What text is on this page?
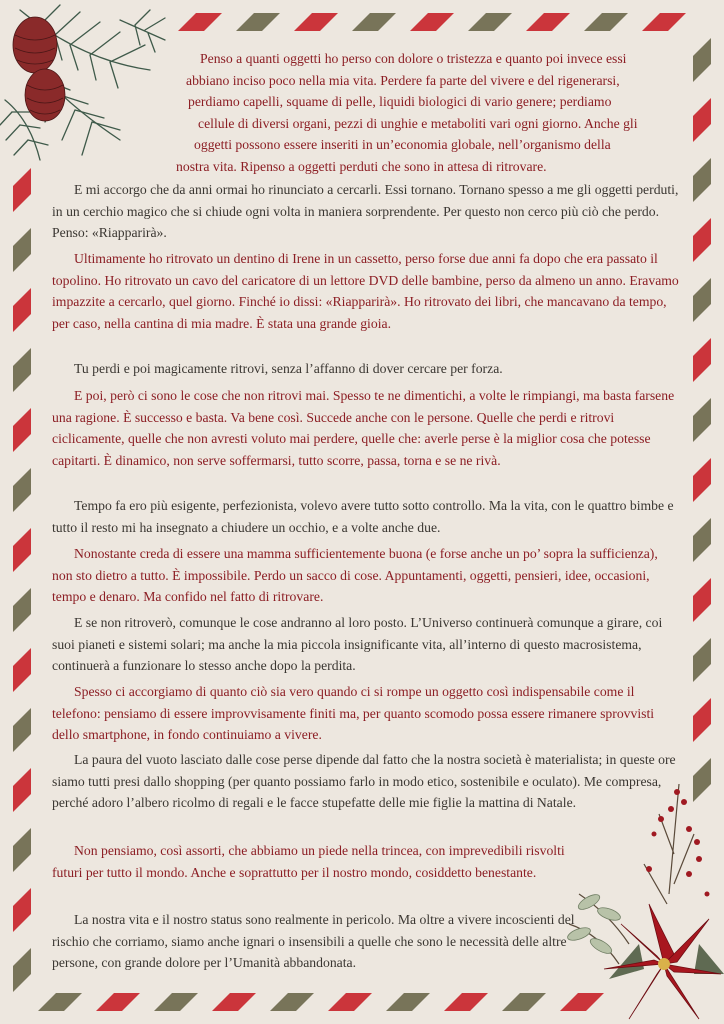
Penso a quanti oggetti ho perso con dolore o tristezza e quanto poi invece essi
abbiano inciso poco nella mia vita. Perdere fa parte del vivere e del rigenerarsi,
perdiamo capelli, squame di pelle, liquidi biologici di vario genere; perdiamo
cellule di diversi organi, pezzi di unghie e metaboliti vari ogni giorno. Anche gli
oggetti possono essere inseriti in un’economia globale, nell’organismo della
nostra vita. Ripenso a oggetti perduti che sono in attesa di ritrovare.

E mi accorgo che da anni ormai ho rinunciato a cercarli. Essi tornano. Tornano spesso a me gli oggetti perduti, in un cerchio magico che si chiude ogni volta in maniera sorprendente. Per questo non cerco più ciò che perdo. Penso: «Riapparirà».

Ultimamente ho ritrovato un dentino di Irene in un cassetto, perso forse due anni fa dopo che era passato il topolino. Ho ritrovato un cavo del caricatore di un lettore DVD delle bambine, perso da almeno un anno. Eravamo impazzite a cercarlo, quel giorno. Finché io dissi: «Riapparirà». Ho ritrovato dei libri, che mancavano da tempo, per caso, nella cantina di mia madre. È stata una grande gioia.

Tu perdi e poi magicamente ritrovi, senza l’affanno di dover cercare per forza.

E poi, però ci sono le cose che non ritrovi mai. Spesso te ne dimentichi, a volte le rimpiangi, ma basta farsene una ragione. È successo e basta. Va bene così. Succede anche con le persone. Quelle che perdi e ritrovi ciclicamente, quelle che non avresti voluto mai perdere, quelle che: averle perse è la miglior cosa che potesse capitarti. È dinamico, non serve soffermarsi, tutto scorre, passa, torna e se ne rivà.

Tempo fa ero più esigente, perfezionista, volevo avere tutto sotto controllo. Ma la vita, con le quattro bimbe e tutto il resto mi ha insegnato a chiudere un occhio, e a volte anche due.

Nonostante creda di essere una mamma sufficientemente buona (e forse anche un po’ sopra la sufficienza), non sto dietro a tutto. È impossibile. Perdo un sacco di cose. Appuntamenti, oggetti, pensieri, idee, occasioni, tempo e denaro. Ma confido nel fatto di ritrovare.

E se non ritroverò, comunque le cose andranno al loro posto. L’Universo continuerà comunque a girare, coi suoi pianeti e sistemi solari; ma anche la mia piccola insignificante vita, all’interno di questo macrosistema, continuerà a funzionare lo stesso anche dopo la perdita.

Spesso ci accorgiamo di quanto ciò sia vero quando ci si rompe un oggetto così indispensabile come il telefono: pensiamo di essere improvvisamente finiti ma, per quanto scomodo possa essere rimanere sprovvisti dello smartphone, in fondo continuiamo a vivere.

La paura del vuoto lasciato dalle cose perse dipende dal fatto che la nostra società è materialista; in queste ore siamo tutti presi dallo shopping (per quanto possiamo farlo in modo etico, sostenibile e oculato). Me compresa, perché adoro l’albero ricolmo di regali e le facce stupefatte delle mie figlie la mattina di Natale.

Non pensiamo, così assorti, che abbiamo un piede nella trincea, con imprevedibili risvolti futuri per tutto il mondo. Anche e soprattutto per il nostro mondo, cosiddetto benestante.

La nostra vita e il nostro status sono realmente in pericolo. Ma oltre a vivere incoscienti del rischio che corriamo, siamo anche ignari o insensibili a quelle che sono le necessità delle altre persone, con grande dolore per l’Umanità abbandonata.
